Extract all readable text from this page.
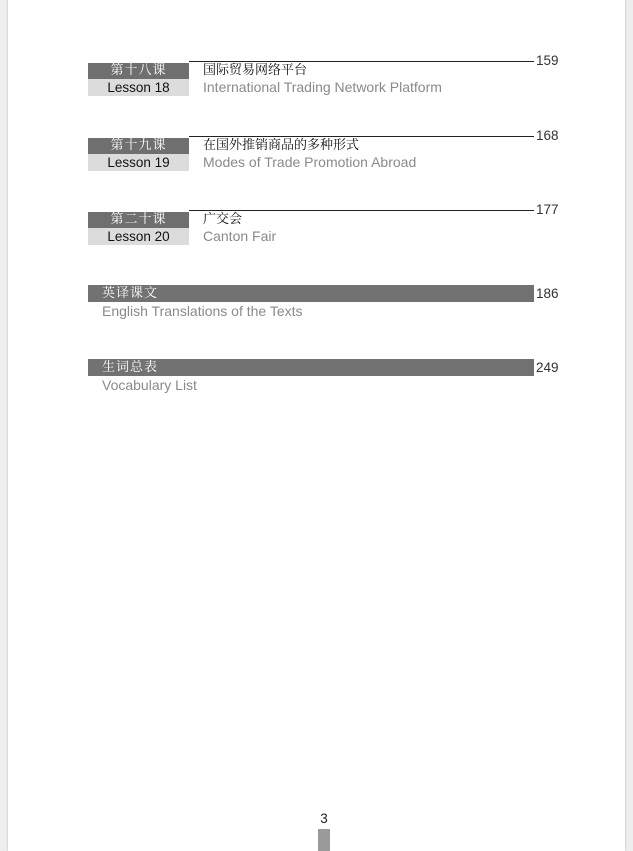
159
第十八课
Lesson 18
国际贸易网络平台
International Trading Network Platform
168
第十九课
Lesson 19
在国外推销商品的多种形式
Modes of Trade Promotion Abroad
177
第二十课
Lesson 20
广交会
Canton Fair
英译课文	186
English Translations of the Texts
生词总表	249
Vocabulary List
3
